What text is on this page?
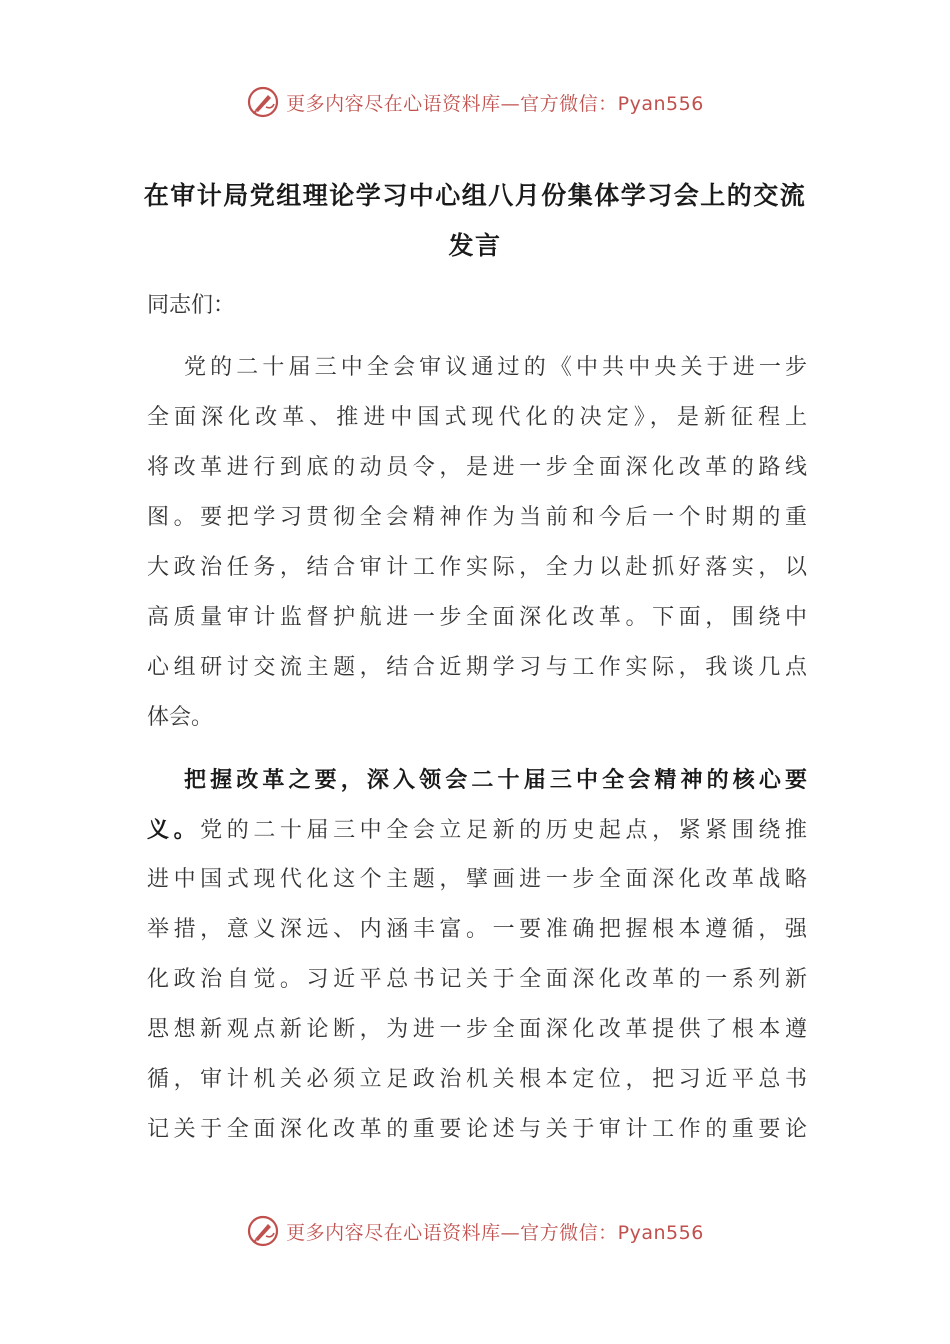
更多内容尽在心语资料库—官方微信：Pyan556
在审计局党组理论学习中心组八月份集体学习会上的交流
发言
同志们：
党的二十届三中全会审议通过的《中共中央关于进一步
全面深化改革、推进中国式现代化的决定》，是新征程上
将改革进行到底的动员令，是进一步全面深化改革的路线
图。要把学习贯彻全会精神作为当前和今后一个时期的重
大政治任务，结合审计工作实际，全力以赴抓好落实，以
高质量审计监督护航进一步全面深化改革。下面，围绕中
心组研讨交流主题，结合近期学习与工作实际，我谈几点
体会。
把握改革之要，深入领会二十届三中全会精神的核心要
义。党的二十届三中全会立足新的历史起点，紧紧围绕推
进中国式现代化这个主题，擘画进一步全面深化改革战略
举措，意义深远、内涵丰富。一要准确把握根本遵循，强
化政治自觉。习近平总书记关于全面深化改革的一系列新
思想新观点新论断，为进一步全面深化改革提供了根本遵
循，审计机关必须立足政治机关根本定位，把习近平总书
记关于全面深化改革的重要论述与关于审计工作的重要论
更多内容尽在心语资料库—官方微信：Pyan556
